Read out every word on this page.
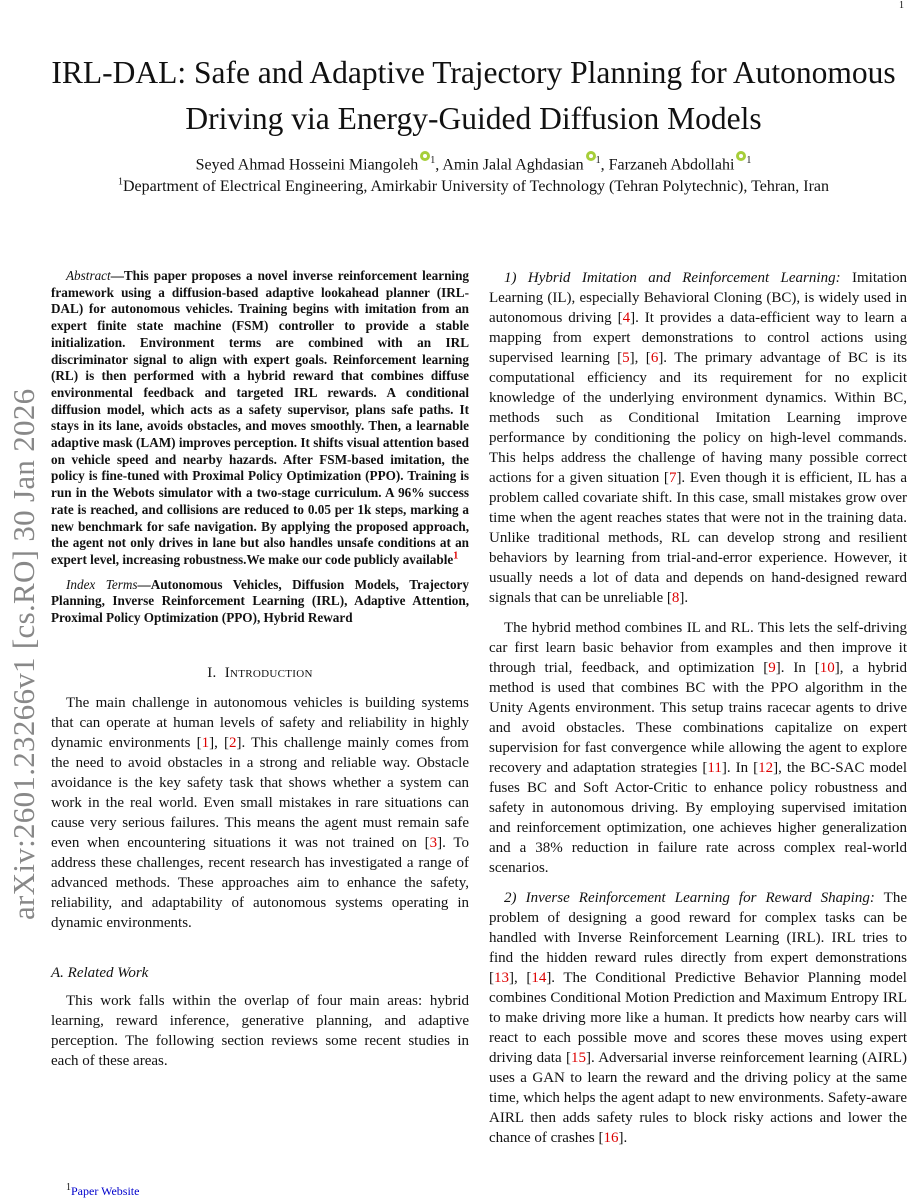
1
arXiv:2601.23266v1 [cs.RO] 30 Jan 2026
IRL-DAL: Safe and Adaptive Trajectory Planning for Autonomous
Driving via Energy-Guided Diffusion Models
Seyed Ahmad Hosseini Miangoleh $^1$, Amin Jalal Aghdasian $^1$, Farzaneh Abdollahi $^1$
$^1$Department of Electrical Engineering, Amirkabir University of Technology (Tehran Polytechnic), Tehran, Iran

Abstract—This paper proposes a novel inverse reinforcement learning framework using a diffusion-based adaptive lookahead planner (IRL-DAL) for autonomous vehicles. Training begins with imitation from an expert finite state machine (FSM) controller to provide a stable initialization. Environment terms are combined with an IRL discriminator signal to align with expert goals. Reinforcement learning (RL) is then performed with a hybrid reward that combines diffuse environmental feedback and targeted IRL rewards. A conditional diffusion model, which acts as a safety supervisor, plans safe paths. It stays in its lane, avoids obstacles, and moves smoothly. Then, a learnable adaptive mask (LAM) improves perception. It shifts visual attention based on vehicle speed and nearby hazards. After FSM-based imitation, the policy is fine-tuned with Proximal Policy Optimization (PPO). Training is run in the Webots simulator with a two-stage curriculum. A 96% success rate is reached, and collisions are reduced to 0.05 per 1k steps, marking a new benchmark for safe navigation. By applying the proposed approach, the agent not only drives in lane but also handles unsafe conditions at an expert level, increasing robustness.We make our code publicly available$^1$

Index Terms—Autonomous Vehicles, Diffusion Models, Trajectory Planning, Inverse Reinforcement Learning (IRL), Adaptive Attention, Proximal Policy Optimization (PPO), Hybrid Reward

I. Introduction

The main challenge in autonomous vehicles is building systems that can operate at human levels of safety and reliability in highly dynamic environments [1], [2]. This challenge mainly comes from the need to avoid obstacles in a strong and reliable way. Obstacle avoidance is the key safety task that shows whether a system can work in the real world. Even small mistakes in rare situations can cause very serious failures. This means the agent must remain safe even when encountering situations it was not trained on [3]. To address these challenges, recent research has investigated a range of advanced methods. These approaches aim to enhance the safety, reliability, and adaptability of autonomous systems operating in dynamic environments.

A. Related Work

This work falls within the overlap of four main areas: hybrid learning, reward inference, generative planning, and adaptive perception. The following section reviews some recent studies in each of these areas.

$^1$Paper Website

1) Hybrid Imitation and Reinforcement Learning: Imitation Learning (IL), especially Behavioral Cloning (BC), is widely used in autonomous driving [4]. It provides a data-efficient way to learn a mapping from expert demonstrations to control actions using supervised learning [5], [6]. The primary advantage of BC is its computational efficiency and its requirement for no explicit knowledge of the underlying environment dynamics. Within BC, methods such as Conditional Imitation Learning improve performance by conditioning the policy on high-level commands. This helps address the challenge of having many possible correct actions for a given situation [7]. Even though it is efficient, IL has a problem called covariate shift. In this case, small mistakes grow over time when the agent reaches states that were not in the training data. Unlike traditional methods, RL can develop strong and resilient behaviors by learning from trial-and-error experience. However, it usually needs a lot of data and depends on hand-designed reward signals that can be unreliable [8].

The hybrid method combines IL and RL. This lets the self-driving car first learn basic behavior from examples and then improve it through trial, feedback, and optimization [9]. In [10], a hybrid method is used that combines BC with the PPO algorithm in the Unity Agents environment. This setup trains racecar agents to drive and avoid obstacles. These combinations capitalize on expert supervision for fast convergence while allowing the agent to explore recovery and adaptation strategies [11]. In [12], the BC-SAC model fuses BC and Soft Actor-Critic to enhance policy robustness and safety in autonomous driving. By employing supervised imitation and reinforcement optimization, one achieves higher generalization and a 38% reduction in failure rate across complex real-world scenarios.

2) Inverse Reinforcement Learning for Reward Shaping: The problem of designing a good reward for complex tasks can be handled with Inverse Reinforcement Learning (IRL). IRL tries to find the hidden reward rules directly from expert demonstrations [13], [14]. The Conditional Predictive Behavior Planning model combines Conditional Motion Prediction and Maximum Entropy IRL to make driving more like a human. It predicts how nearby cars will react to each possible move and scores these moves using expert driving data [15]. Adversarial inverse reinforcement learning (AIRL) uses a GAN to learn the reward and the driving policy at the same time, which helps the agent adapt to new environments. Safety-aware AIRL then adds safety rules to block risky actions and lower the chance of crashes [16].
